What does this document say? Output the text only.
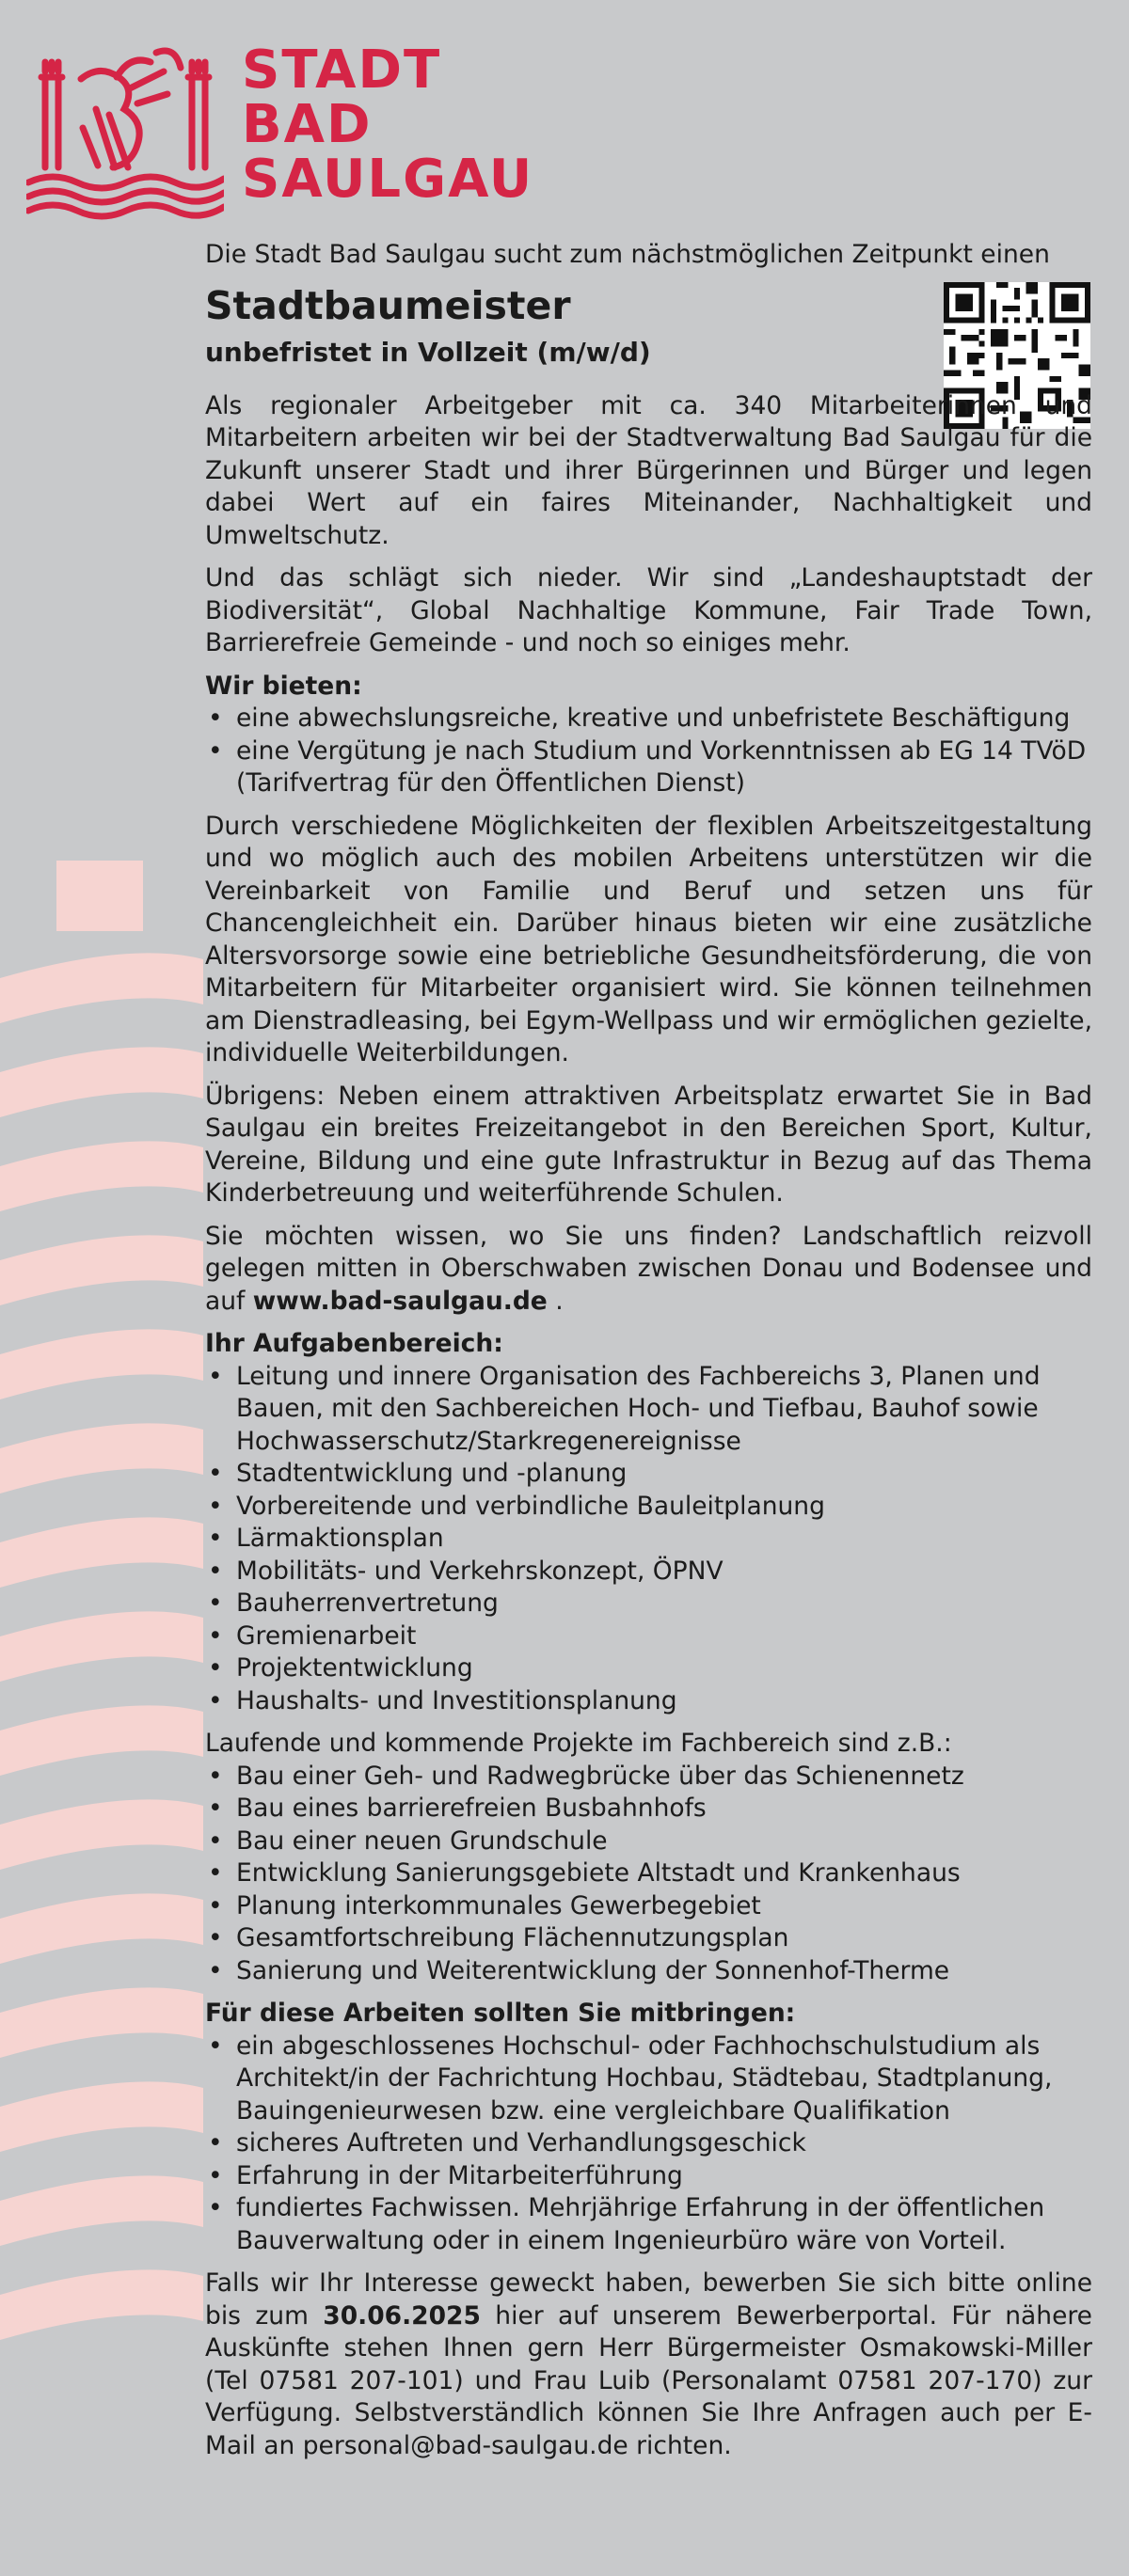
STADT
BAD
SAULGAU

Die Stadt Bad Saulgau sucht zum nächstmöglichen Zeitpunkt einen

Stadtbaumeister
unbefristet in Vollzeit (m/w/d)

Als regionaler Arbeitgeber mit ca. 340 Mitarbeiterinnen und Mitarbeitern arbeiten wir bei der Stadtverwaltung Bad Saulgau für die Zukunft unserer Stadt und ihrer Bürgerinnen und Bürger und legen dabei Wert auf ein faires Miteinander, Nachhaltigkeit und Umweltschutz.

Und das schlägt sich nieder. Wir sind „Landeshauptstadt der Biodiversität“, Global Nachhaltige Kommune, Fair Trade Town, Barrierefreie Gemeinde - und noch so einiges mehr.

Wir bieten:
• eine abwechslungsreiche, kreative und unbefristete Beschäftigung
• eine Vergütung je nach Studium und Vorkenntnissen ab EG 14 TVöD (Tarifvertrag für den Öffentlichen Dienst)

Durch verschiedene Möglichkeiten der flexiblen Arbeitszeitgestaltung und wo möglich auch des mobilen Arbeitens unterstützen wir die Vereinbarkeit von Familie und Beruf und setzen uns für Chancengleichheit ein. Darüber hinaus bieten wir eine zusätzliche Altersvorsorge sowie eine betriebliche Gesundheitsförderung, die von Mitarbeitern für Mitarbeiter organisiert wird. Sie können teilnehmen am Dienstradleasing, bei Egym-Wellpass und wir ermöglichen gezielte, individuelle Weiterbildungen.

Übrigens: Neben einem attraktiven Arbeitsplatz erwartet Sie in Bad Saulgau ein breites Freizeitangebot in den Bereichen Sport, Kultur, Vereine, Bildung und eine gute Infrastruktur in Bezug auf das Thema Kinderbetreuung und weiterführende Schulen.

Sie möchten wissen, wo Sie uns finden? Landschaftlich reizvoll gelegen mitten in Oberschwaben zwischen Donau und Bodensee und auf www.bad-saulgau.de .

Ihr Aufgabenbereich:
• Leitung und innere Organisation des Fachbereichs 3, Planen und Bauen, mit den Sachbereichen Hoch- und Tiefbau, Bauhof sowie Hochwasserschutz/Starkregenereignisse
• Stadtentwicklung und -planung
• Vorbereitende und verbindliche Bauleitplanung
• Lärmaktionsplan
• Mobilitäts- und Verkehrskonzept, ÖPNV
• Bauherrenvertretung
• Gremienarbeit
• Projektentwicklung
• Haushalts- und Investitionsplanung
Laufende und kommende Projekte im Fachbereich sind z.B.:
• Bau einer Geh- und Radwegbrücke über das Schienennetz
• Bau eines barrierefreien Busbahnhofs
• Bau einer neuen Grundschule
• Entwicklung Sanierungsgebiete Altstadt und Krankenhaus
• Planung interkommunales Gewerbegebiet
• Gesamtfortschreibung Flächennutzungsplan
• Sanierung und Weiterentwicklung der Sonnenhof-Therme
Für diese Arbeiten sollten Sie mitbringen:
• ein abgeschlossenes Hochschul- oder Fachhochschulstudium als Architekt/in der Fachrichtung Hochbau, Städtebau, Stadtplanung, Bauingenieurwesen bzw. eine vergleichbare Qualifikation
• sicheres Auftreten und Verhandlungsgeschick
• Erfahrung in der Mitarbeiterführung
• fundiertes Fachwissen. Mehrjährige Erfahrung in der öffentlichen Bauverwaltung oder in einem Ingenieurbüro wäre von Vorteil.

Falls wir Ihr Interesse geweckt haben, bewerben Sie sich bitte online bis zum 30.06.2025 hier auf unserem Bewerberportal. Für nähere Auskünfte stehen Ihnen gern Herr Bürgermeister Osmakowski-Miller (Tel 07581 207-101) und Frau Luib (Personalamt 07581 207-170) zur Verfügung. Selbstverständlich können Sie Ihre Anfragen auch per E-Mail an personal@bad-saulgau.de richten.
